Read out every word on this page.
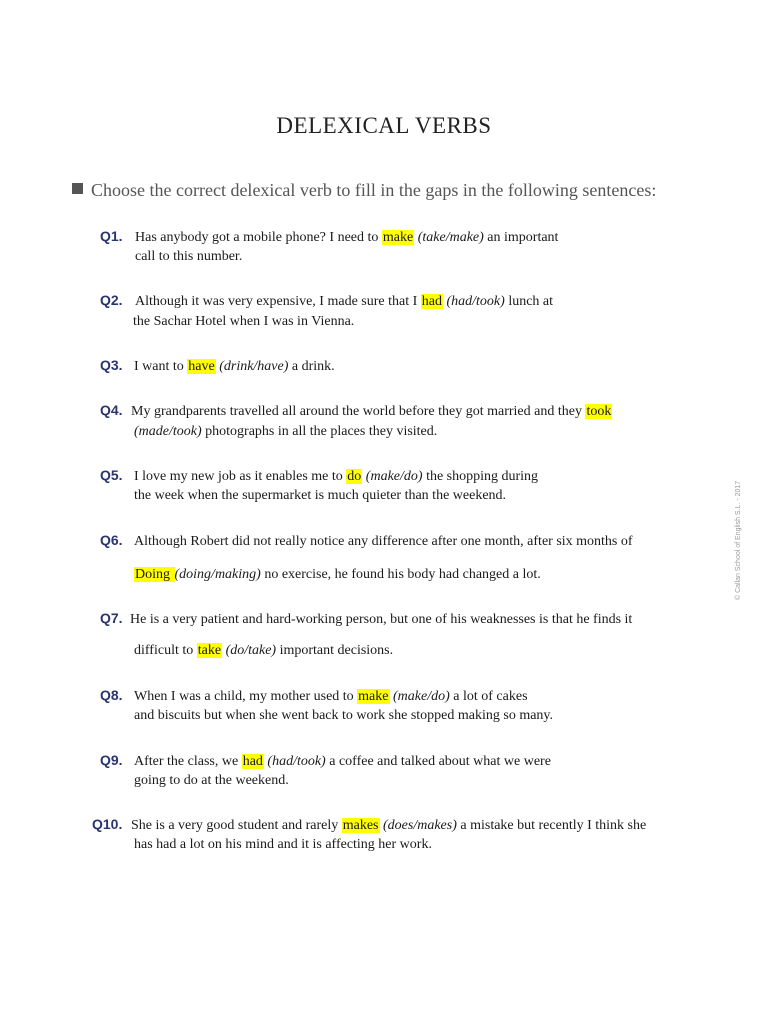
DELEXICAL VERBS
Choose the correct delexical verb to fill in the gaps in the following sentences:
Q1. Has anybody got a mobile phone? I need to make (take/make) an important
call to this number.
Q2. Although it was very expensive, I made sure that I had (had/took) lunch at
the Sachar Hotel when I was in Vienna.
Q3. I want to have (drink/have) a drink.
Q4. My grandparents travelled all around the world before they got married and they took
(made/took) photographs in all the places they visited.
Q5. I love my new job as it enables me to do (make/do) the shopping during
the week when the supermarket is much quieter than the weekend.
Q6. Although Robert did not really notice any difference after one month, after six months of
Doing (doing/making) no exercise, he found his body had changed a lot.
Q7. He is a very patient and hard-working person, but one of his weaknesses is that he finds it
difficult to take (do/take) important decisions.
Q8. When I was a child, my mother used to make (make/do) a lot of cakes
and biscuits but when she went back to work she stopped making so many.
Q9. After the class, we had (had/took) a coffee and talked about what we were
going to do at the weekend.
Q10. She is a very good student and rarely makes (does/makes) a mistake but recently I think she
has had a lot on his mind and it is affecting her work.
© Callan School of English S.L. - 2017
